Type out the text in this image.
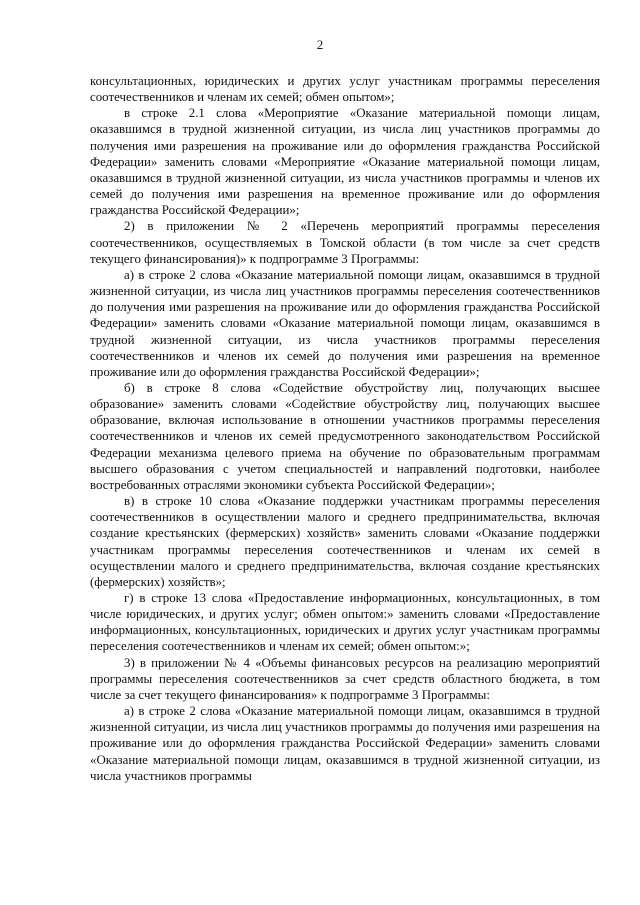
2

консультационных, юридических и других услуг участникам программы переселения соотечественников и членам их семей; обмен опытом»;

в строке 2.1 слова «Мероприятие «Оказание материальной помощи лицам, оказавшимся в трудной жизненной ситуации, из числа лиц участников программы до получения ими разрешения на проживание или до оформления гражданства Российской Федерации» заменить словами «Мероприятие «Оказание материальной помощи лицам, оказавшимся в трудной жизненной ситуации, из числа участников программы и членов их семей до получения ими разрешения на временное проживание или до оформления гражданства Российской Федерации»;

2) в приложении № 2 «Перечень мероприятий программы переселения соотечественников, осуществляемых в Томской области (в том числе за счет средств текущего финансирования)» к подпрограмме 3 Программы:

а) в строке 2 слова «Оказание материальной помощи лицам, оказавшимся в трудной жизненной ситуации, из числа лиц участников программы переселения соотечественников до получения ими разрешения на проживание или до оформления гражданства Российской Федерации» заменить словами «Оказание материальной помощи лицам, оказавшимся в трудной жизненной ситуации, из числа участников программы переселения соотечественников и членов их семей до получения ими разрешения на временное проживание или до оформления гражданства Российской Федерации»;

б) в строке 8 слова «Содействие обустройству лиц, получающих высшее образование» заменить словами «Содействие обустройству лиц, получающих высшее образование, включая использование в отношении участников программы переселения соотечественников и членов их семей предусмотренного законодательством Российской Федерации механизма целевого приема на обучение по образовательным программам высшего образования с учетом специальностей и направлений подготовки, наиболее востребованных отраслями экономики субъекта Российской Федерации»;

в) в строке 10 слова «Оказание поддержки участникам программы переселения соотечественников в осуществлении малого и среднего предпринимательства, включая создание крестьянских (фермерских) хозяйств» заменить словами «Оказание поддержки участникам программы переселения соотечественников и членам их семей в осуществлении малого и среднего предпринимательства, включая создание крестьянских (фермерских) хозяйств»;

г) в строке 13 слова «Предоставление информационных, консультационных, в том числе юридических, и других услуг; обмен опытом:» заменить словами «Предоставление информационных, консультационных, юридических и других услуг участникам программы переселения соотечественников и членам их семей; обмен опытом:»;

3) в приложении № 4 «Объемы финансовых ресурсов на реализацию мероприятий программы переселения соотечественников за счет средств областного бюджета, в том числе за счет текущего финансирования» к подпрограмме 3 Программы:

а) в строке 2 слова «Оказание материальной помощи лицам, оказавшимся в трудной жизненной ситуации, из числа лиц участников программы до получения ими разрешения на проживание или до оформления гражданства Российской Федерации» заменить словами «Оказание материальной помощи лицам, оказавшимся в трудной жизненной ситуации, из числа участников программы
